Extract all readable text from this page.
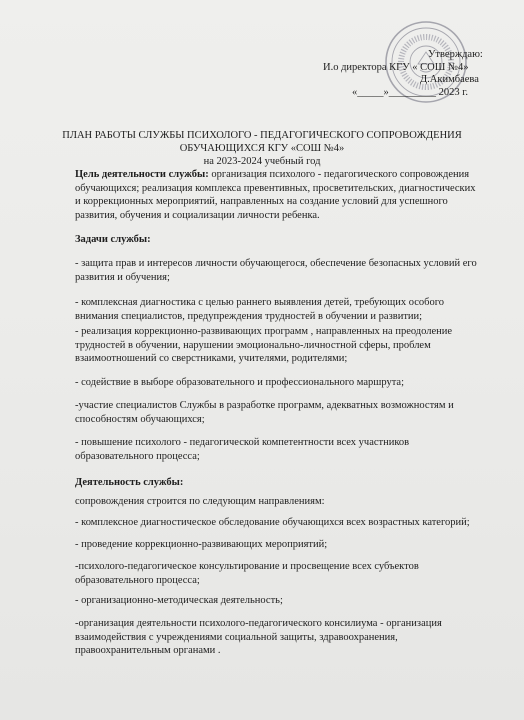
Утверждаю:
И.о директора КГУ « СОШ №4»
Д.Акимбаева
«_____»_________ 2023 г.
ПЛАН РАБОТЫ СЛУЖБЫ ПСИХОЛОГО - ПЕДАГОГИЧЕСКОГО СОПРОВОЖДЕНИЯ
ОБУЧАЮЩИХСЯ КГУ «СОШ №4»
на 2023-2024 учебный год

Цель деятельности службы: организация психолого - педагогического сопровождения обучающихся; реализация комплекса превентивных, просветительских, диагностических и коррекционных мероприятий, направленных на создание условий для успешного развития, обучения и социализации личности ребенка.

Задачи службы:
- защита прав и интересов личности обучающегося, обеспечение безопасных условий его развития и обучения;
- комплексная диагностика с целью раннего выявления детей, требующих особого внимания специалистов, предупреждения трудностей в обучении и развитии;
- реализация коррекционно-развивающих программ , направленных на преодоление трудностей в обучении, нарушении эмоционально-личностной сферы, проблем взаимоотношений со сверстниками, учителями, родителями;
- содействие в выборе образовательного и профессионального маршрута;
-участие специалистов Службы в разработке программ, адекватных возможностям и способностям обучающихся;
- повышение психолого - педагогической компетентности всех участников образовательного процесса;
Деятельность службы:
сопровождения строится по следующим направлениям:
- комплексное диагностическое обследование обучающихся всех возрастных категорий;
- проведение коррекционно-развивающих мероприятий;
-психолого-педагогическое консультирование и просвещение всех субъектов образовательного процесса;
- организационно-методическая деятельность;
-организация деятельности психолого-педагогического консилиума - организация взаимодействия с учреждениями социальной защиты, здравоохранения, правоохранительным органами .
